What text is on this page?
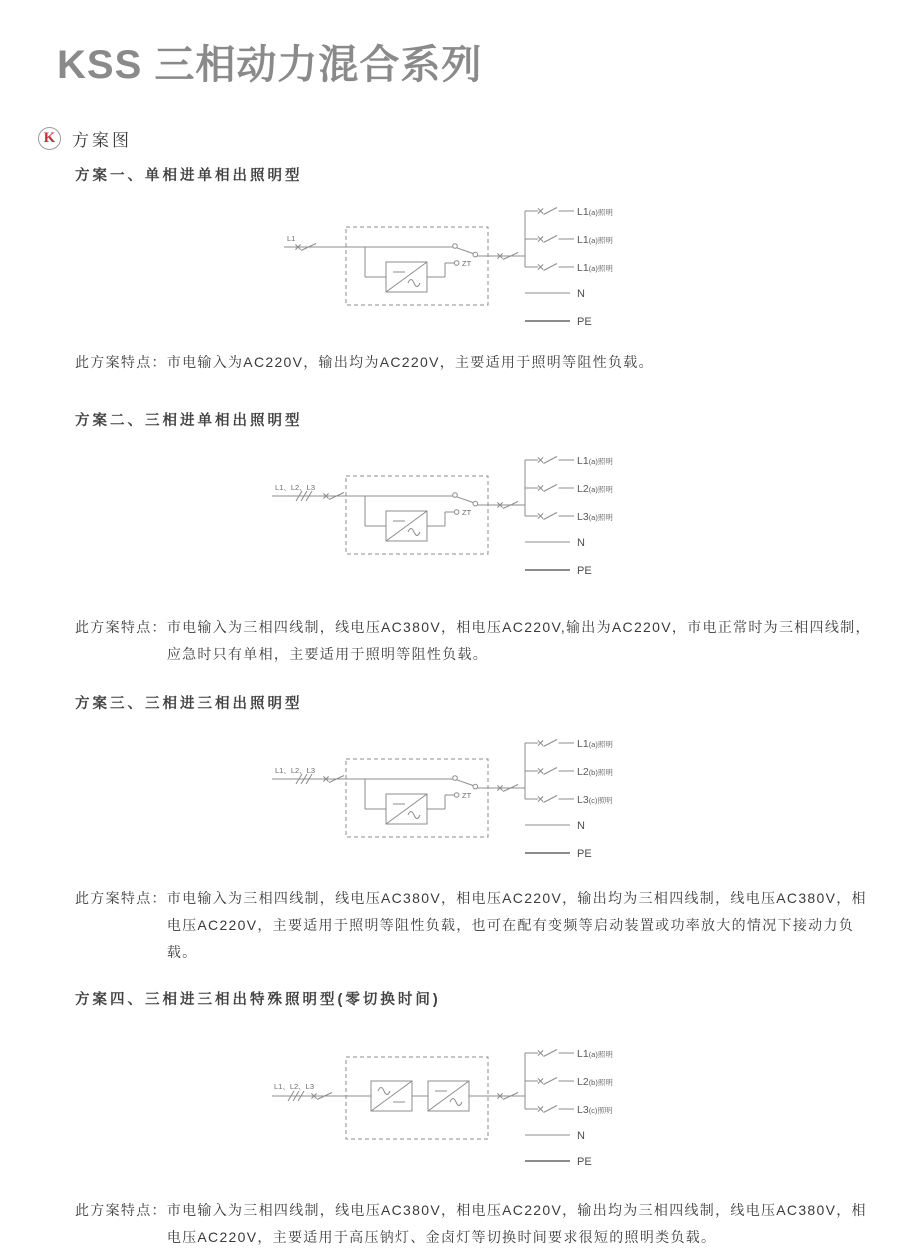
KSS 三相动力混合系列
K 方案图
方案一、单相进单相出照明型
L1
ZT
L1(a)照明
L1(a)照明
L1(a)照明
N
PE

此方案特点： 市电输入为AC220V，输出均为AC220V，主要适用于照明等阻性负载。

方案二、三相进单相出照明型
L1、L2、L3
ZT
L1(a)照明
L2(a)照明
L3(a)照明
N
PE

此方案特点： 市电输入为三相四线制，线电压AC380V，相电压AC220V,输出为AC220V，市电正常时为三相四线制，应急时只有单相，主要适用于照明等阻性负载。

方案三、三相进三相出照明型
L1、L2、L3
ZT
L1(a)照明
L2(b)照明
L3(c)照明
N
PE

此方案特点： 市电输入为三相四线制，线电压AC380V，相电压AC220V，输出均为三相四线制，线电压AC380V，相电压AC220V，主要适用于照明等阻性负载，也可在配有变频等启动装置或功率放大的情况下接动力负载。

方案四、三相进三相出特殊照明型(零切换时间)
L1、L2、L3
L1(a)照明
L2(b)照明
L3(c)照明
N
PE

此方案特点： 市电输入为三相四线制，线电压AC380V，相电压AC220V，输出均为三相四线制，线电压AC380V，相电压AC220V，主要适用于高压钠灯、金卤灯等切换时间要求很短的照明类负载。
